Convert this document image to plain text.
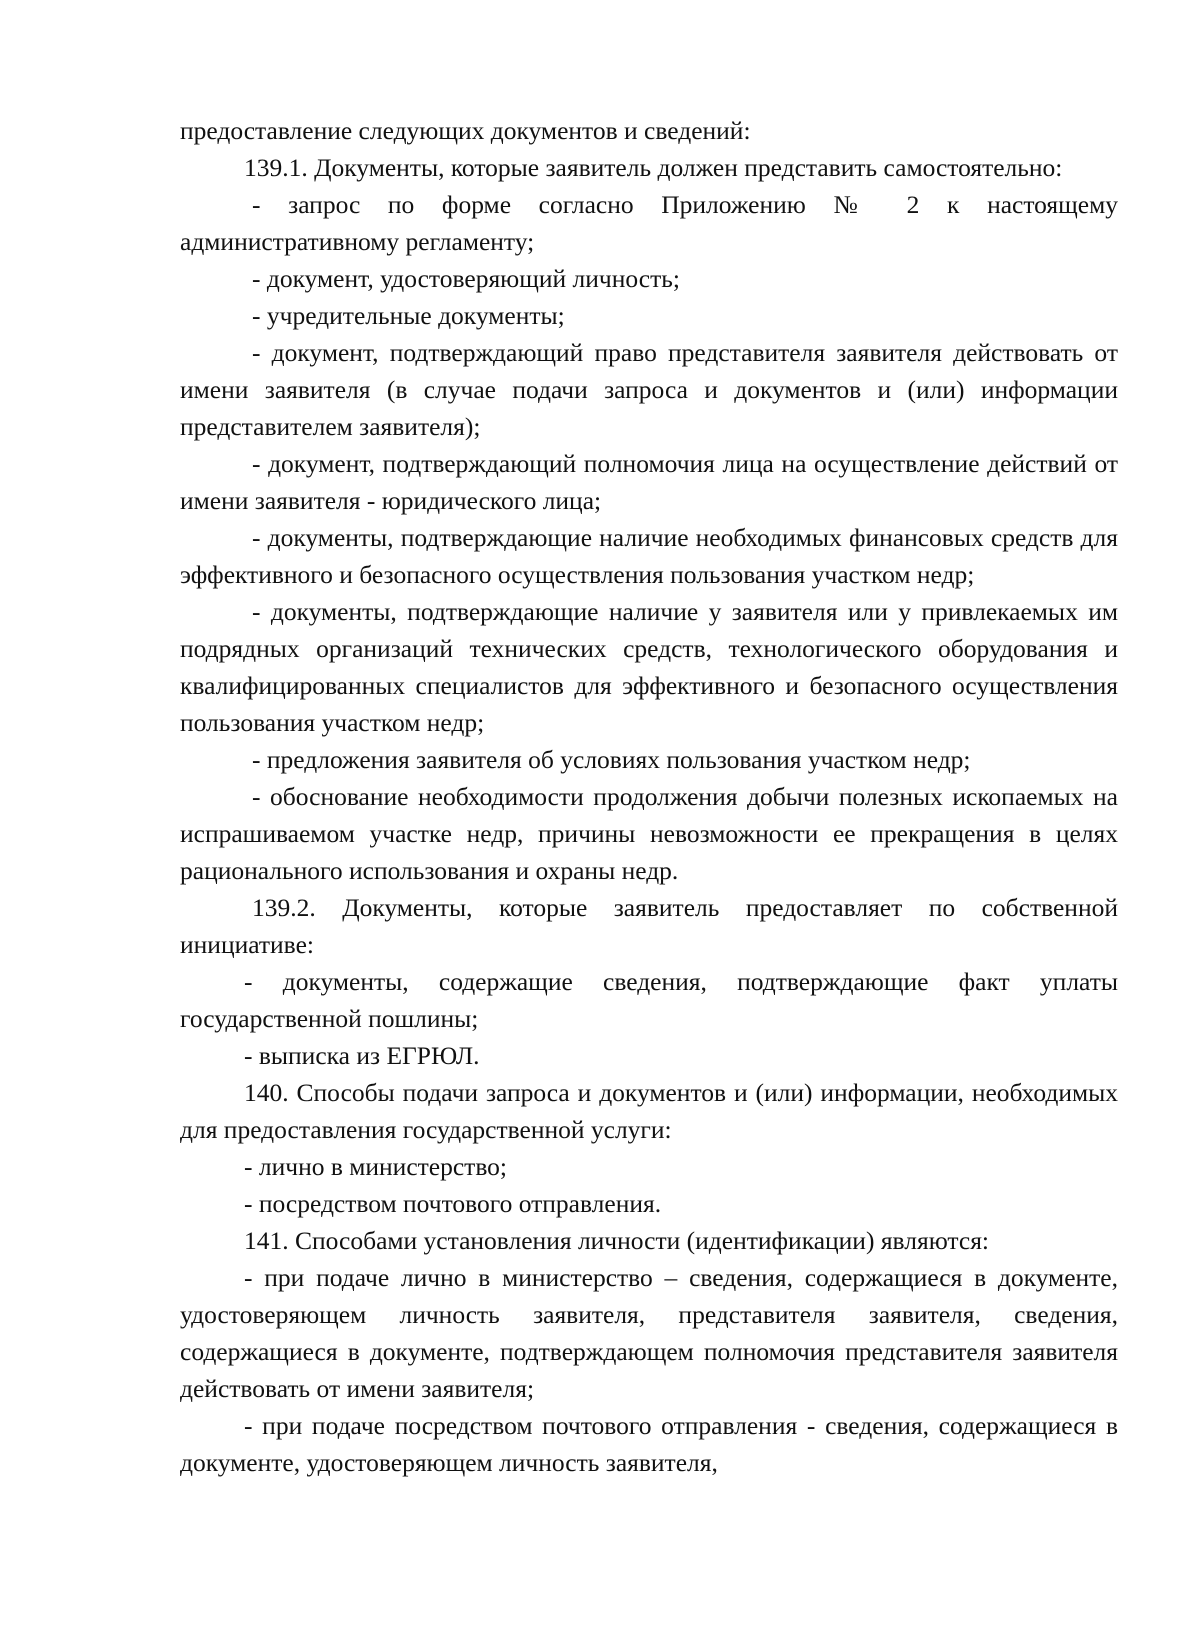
предоставление следующих документов и сведений:

139.1. Документы, которые заявитель должен представить самостоятельно:

- запрос по форме согласно Приложению № 2 к настоящему административному регламенту;

- документ, удостоверяющий личность;

- учредительные документы;

- документ, подтверждающий право представителя заявителя действовать от имени заявителя (в случае подачи запроса и документов и (или) информации представителем заявителя);

- документ, подтверждающий полномочия лица на осуществление действий от имени заявителя - юридического лица;

- документы, подтверждающие наличие необходимых финансовых средств для эффективного и безопасного осуществления пользования участком недр;

- документы, подтверждающие наличие у заявителя или у привлекаемых им подрядных организаций технических средств, технологического оборудования и квалифицированных специалистов для эффективного и безопасного осуществления пользования участком недр;

- предложения заявителя об условиях пользования участком недр;

- обоснование необходимости продолжения добычи полезных ископаемых на испрашиваемом участке недр, причины невозможности ее прекращения в целях рационального использования и охраны недр.

139.2. Документы, которые заявитель предоставляет по собственной инициативе:

- документы, содержащие сведения, подтверждающие факт уплаты государственной пошлины;

- выписка из ЕГРЮЛ.

140. Способы подачи запроса и документов и (или) информации, необходимых для предоставления государственной услуги:

- лично в министерство;

- посредством почтового отправления.

141. Способами установления личности (идентификации) являются:

- при подаче лично в министерство – сведения, содержащиеся в документе, удостоверяющем личность заявителя, представителя заявителя, сведения, содержащиеся в документе, подтверждающем полномочия представителя заявителя действовать от имени заявителя;

- при подаче посредством почтового отправления - сведения, содержащиеся в документе, удостоверяющем личность заявителя,
